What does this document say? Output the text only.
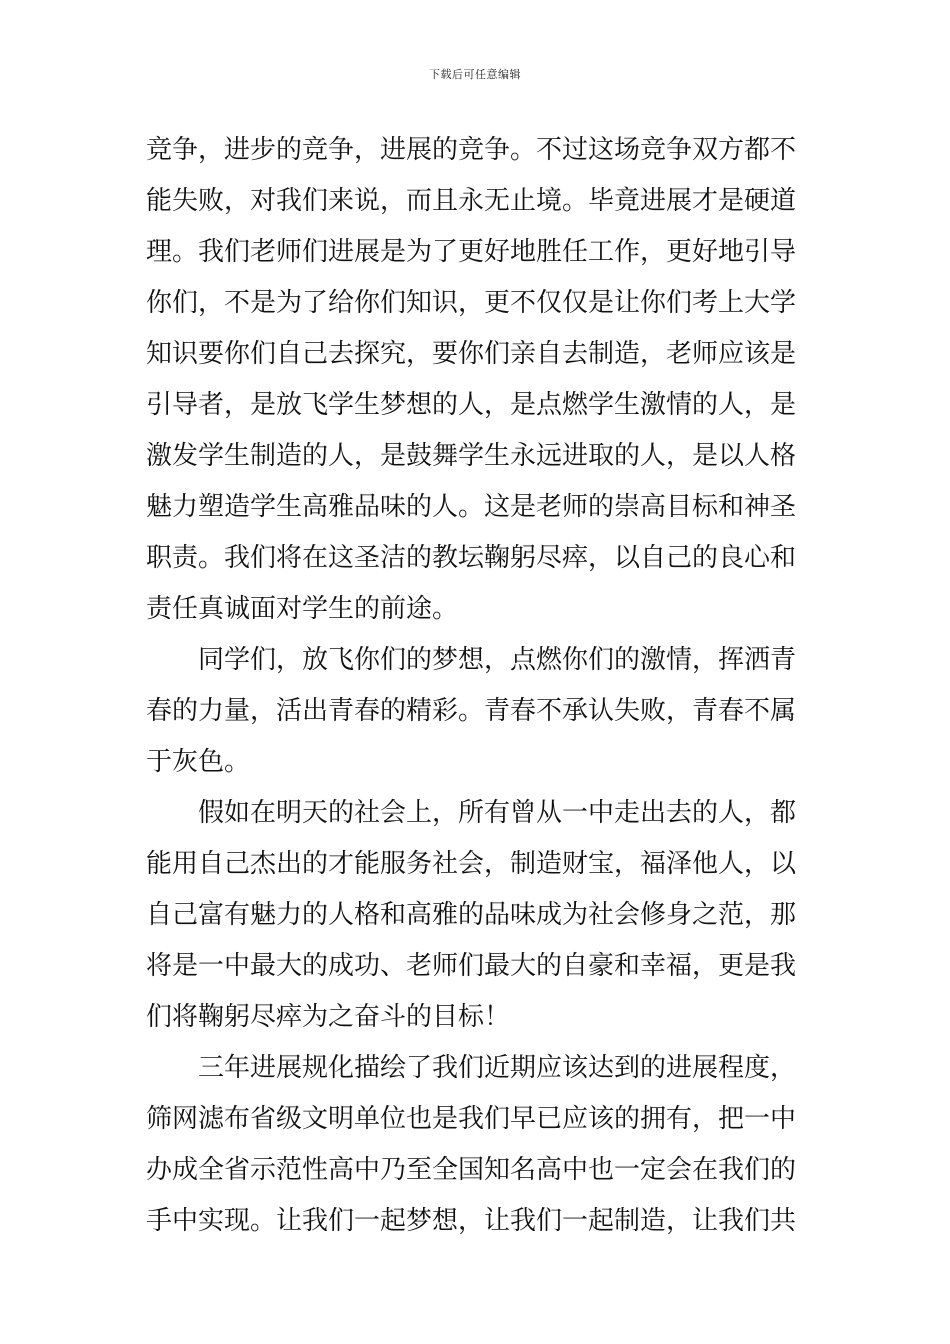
下载后可任意编辑
竞争，进步的竞争，进展的竞争。不过这场竞争双方都不
能失败，对我们来说，而且永无止境。毕竟进展才是硬道
理。我们老师们进展是为了更好地胜任工作，更好地引导
你们，不是为了给你们知识，更不仅仅是让你们考上大学
知识要你们自己去探究，要你们亲自去制造，老师应该是
引导者，是放飞学生梦想的人，是点燃学生激情的人，是
激发学生制造的人，是鼓舞学生永远进取的人，是以人格
魅力塑造学生高雅品味的人。这是老师的崇高目标和神圣
职责。我们将在这圣洁的教坛鞠躬尽瘁，以自己的良心和
责任真诚面对学生的前途。
　　同学们，放飞你们的梦想，点燃你们的激情，挥洒青
春的力量，活出青春的精彩。青春不承认失败，青春不属
于灰色。
　　假如在明天的社会上，所有曾从一中走出去的人，都
能用自己杰出的才能服务社会，制造财宝，福泽他人，以
自己富有魅力的人格和高雅的品味成为社会修身之范，那
将是一中最大的成功、老师们最大的自豪和幸福，更是我
们将鞠躬尽瘁为之奋斗的目标！
　　三年进展规化描绘了我们近期应该达到的进展程度，
筛网滤布省级文明单位也是我们早已应该的拥有，把一中
办成全省示范性高中乃至全国知名高中也一定会在我们的
手中实现。让我们一起梦想，让我们一起制造，让我们共
